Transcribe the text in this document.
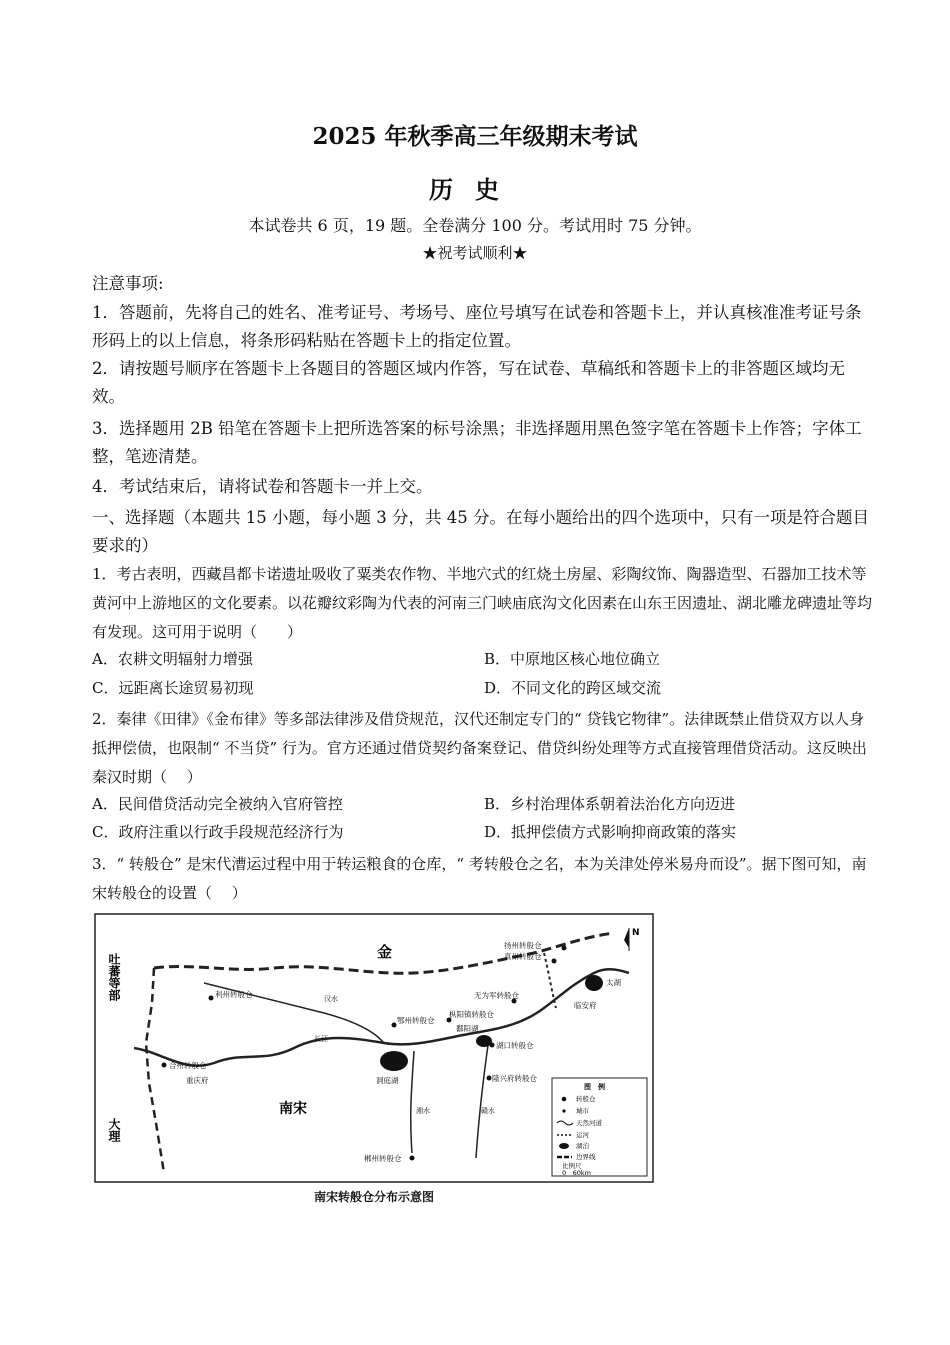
2025 年秋季高三年级期末考试
历史
本试卷共 6 页，19 题。全卷满分 100 分。考试用时 75 分钟。
★祝考试顺利★
注意事项:
1．答题前，先将自己的姓名、准考证号、考场号、座位号填写在试卷和答题卡上，并认真核准准考证号条形码上的以上信息，将条形码粘贴在答题卡上的指定位置。
2．请按题号顺序在答题卡上各题目的答题区域内作答，写在试卷、草稿纸和答题卡上的非答题区域均无效。
3．选择题用 2B 铅笔在答题卡上把所选答案的标号涂黑；非选择题用黑色签字笔在答题卡上作答；字体工整，笔迹清楚。
4．考试结束后，请将试卷和答题卡一并上交。
一、选择题（本题共 15 小题，每小题 3 分，共 45 分。在每小题给出的四个选项中，只有一项是符合题目要求的）
1．考古表明，西藏昌都卡诺遗址吸收了粟类农作物、半地穴式的红烧土房屋、彩陶纹饰、陶器造型、石器加工技术等黄河中上游地区的文化要素。以花瓣纹彩陶为代表的河南三门峡庙底沟文化因素在山东王因遗址、湖北雕龙碑遗址等均有发现。这可用于说明（　　）
A．农耕文明辐射力增强	B．中原地区核心地位确立
C．远距离长途贸易初现	D．不同文化的跨区域交流
2．秦律《田律》《金布律》等多部法律涉及借贷规范，汉代还制定专门的“ 贷钱它物律”。法律既禁止借贷双方以人身抵押偿债，也限制“ 不当贷” 行为。官方还通过借贷契约备案登记、借贷纠纷处理等方式直接管理借贷活动。这反映出秦汉时期（　 ）
A．民间借贷活动完全被纳入官府管控	B．乡村治理体系朝着法治化方向迈进
C．政府注重以行政手段规范经济行为	D．抵押偿债方式影响抑商政策的落实
3．“ 转般仓” 是宋代漕运过程中用于转运粮食的仓库，“ 考转般仓之名，本为关津处停米易舟而设”。据下图可知，南宋转般仓的设置（　 ）
金
南宋
吐蕃等部
大理
利州转般仓
合州转般仓
鄂州转般仓
枞阳镇转般仓
无为军转般仓
真州转般仓
扬州转般仓
湖口转般仓
隆兴府转般仓
郴州转般仓
重庆府	洞庭湖
鄱阳湖
太湖
临安府
长江
汉水
湘水	赣水
N
图　例
转般仓
城市
天然河道
运河
湖泊
边界线
比例尺
0　60km
南宋转般仓分布示意图
